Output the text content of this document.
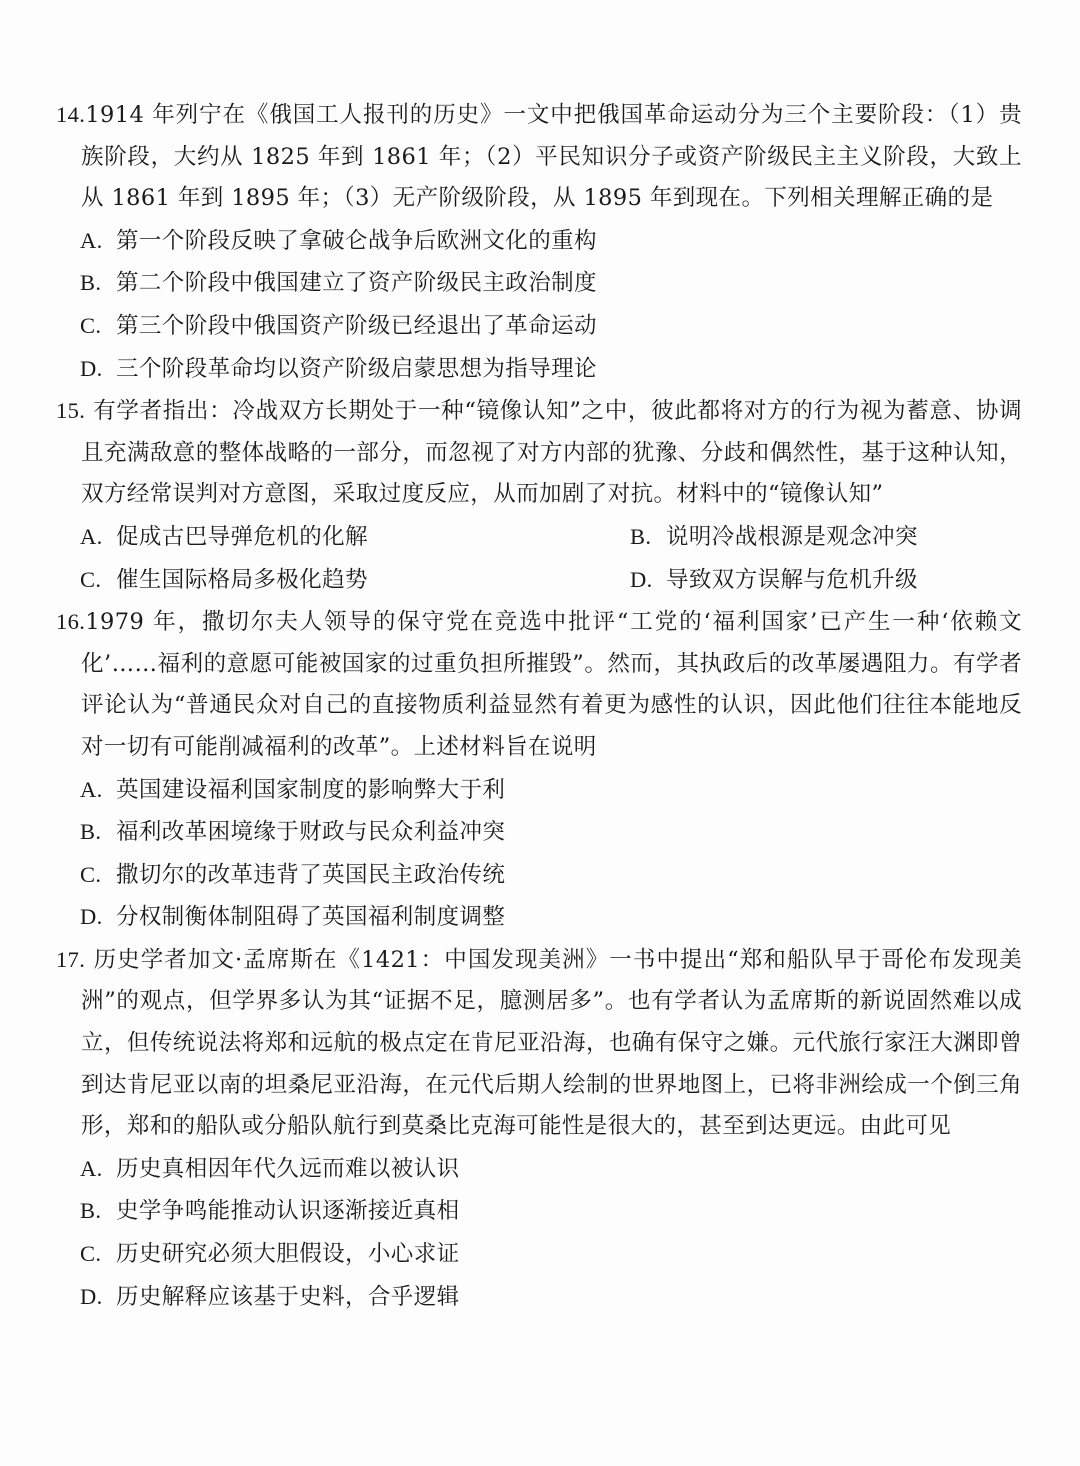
14.1914 年列宁在《俄国工人报刊的历史》一文中把俄国革命运动分为三个主要阶段：（1）贵族阶段，大约从 1825 年到 1861 年；（2）平民知识分子或资产阶级民主主义阶段，大致上从 1861 年到 1895 年；（3）无产阶级阶段，从 1895 年到现在。下列相关理解正确的是
A. 第一个阶段反映了拿破仑战争后欧洲文化的重构
B. 第二个阶段中俄国建立了资产阶级民主政治制度
C. 第三个阶段中俄国资产阶级已经退出了革命运动
D. 三个阶段革命均以资产阶级启蒙思想为指导理论
15. 有学者指出：冷战双方长期处于一种“镜像认知”之中，彼此都将对方的行为视为蓄意、协调且充满敌意的整体战略的一部分，而忽视了对方内部的犹豫、分歧和偶然性，基于这种认知，双方经常误判对方意图，采取过度反应，从而加剧了对抗。材料中的“镜像认知”
A. 促成古巴导弹危机的化解	B. 说明冷战根源是观念冲突
C. 催生国际格局多极化趋势	D. 导致双方误解与危机升级
16.1979 年，撒切尔夫人领导的保守党在竞选中批评“工党的‘福利国家’已产生一种‘依赖文化’……福利的意愿可能被国家的过重负担所摧毁”。然而，其执政后的改革屡遇阻力。有学者评论认为“普通民众对自己的直接物质利益显然有着更为感性的认识，因此他们往往本能地反对一切有可能削减福利的改革”。上述材料旨在说明
A. 英国建设福利国家制度的影响弊大于利
B. 福利改革困境缘于财政与民众利益冲突
C. 撒切尔的改革违背了英国民主政治传统
D. 分权制衡体制阻碍了英国福利制度调整
17. 历史学者加文·孟席斯在《1421：中国发现美洲》一书中提出“郑和船队早于哥伦布发现美洲”的观点，但学界多认为其“证据不足，臆测居多”。也有学者认为孟席斯的新说固然难以成立，但传统说法将郑和远航的极点定在肯尼亚沿海，也确有保守之嫌。元代旅行家汪大渊即曾到达肯尼亚以南的坦桑尼亚沿海，在元代后期人绘制的世界地图上，已将非洲绘成一个倒三角形，郑和的船队或分船队航行到莫桑比克海可能性是很大的，甚至到达更远。由此可见
A. 历史真相因年代久远而难以被认识
B. 史学争鸣能推动认识逐渐接近真相
C. 历史研究必须大胆假设，小心求证
D. 历史解释应该基于史料，合乎逻辑
